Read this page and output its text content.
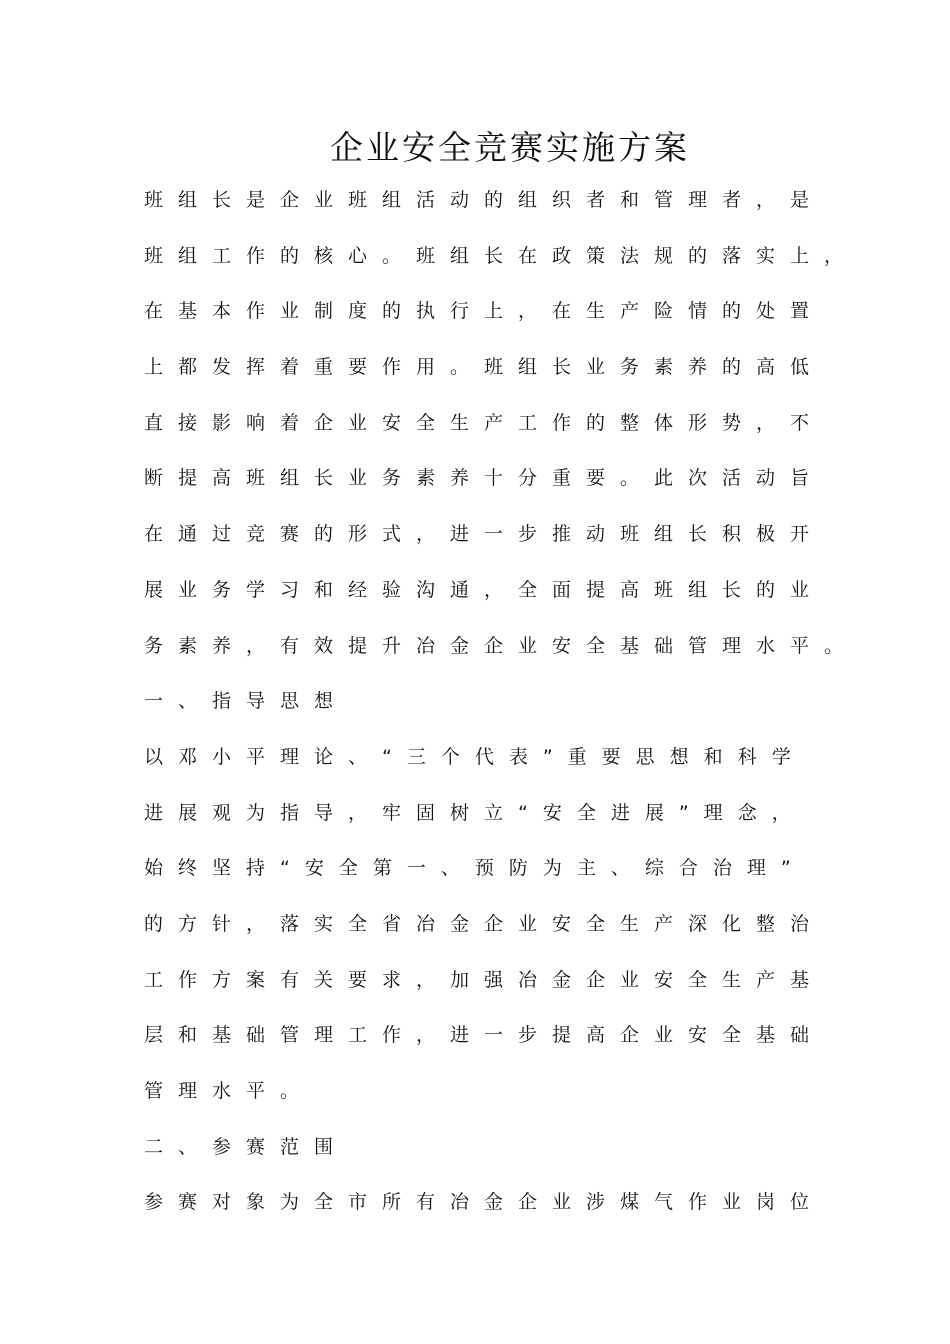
企业安全竞赛实施方案
班组长是企业班组活动的组织者和管理者，是
班组工作的核心。班组长在政策法规的落实上，
在基本作业制度的执行上，在生产险情的处置
上都发挥着重要作用。班组长业务素养的高低
直接影响着企业安全生产工作的整体形势，不
断提高班组长业务素养十分重要。此次活动旨
在通过竞赛的形式，进一步推动班组长积极开
展业务学习和经验沟通，全面提高班组长的业
务素养，有效提升冶金企业安全基础管理水平。
一、指导思想
以邓小平理论、“三个代表”重要思想和科学
进展观为指导，牢固树立“安全进展”理念，
始终坚持“安全第一、预防为主、综合治理”
的方针，落实全省冶金企业安全生产深化整治
工作方案有关要求，加强冶金企业安全生产基
层和基础管理工作，进一步提高企业安全基础
管理水平。
二、参赛范围
参赛对象为全市所有冶金企业涉煤气作业岗位
